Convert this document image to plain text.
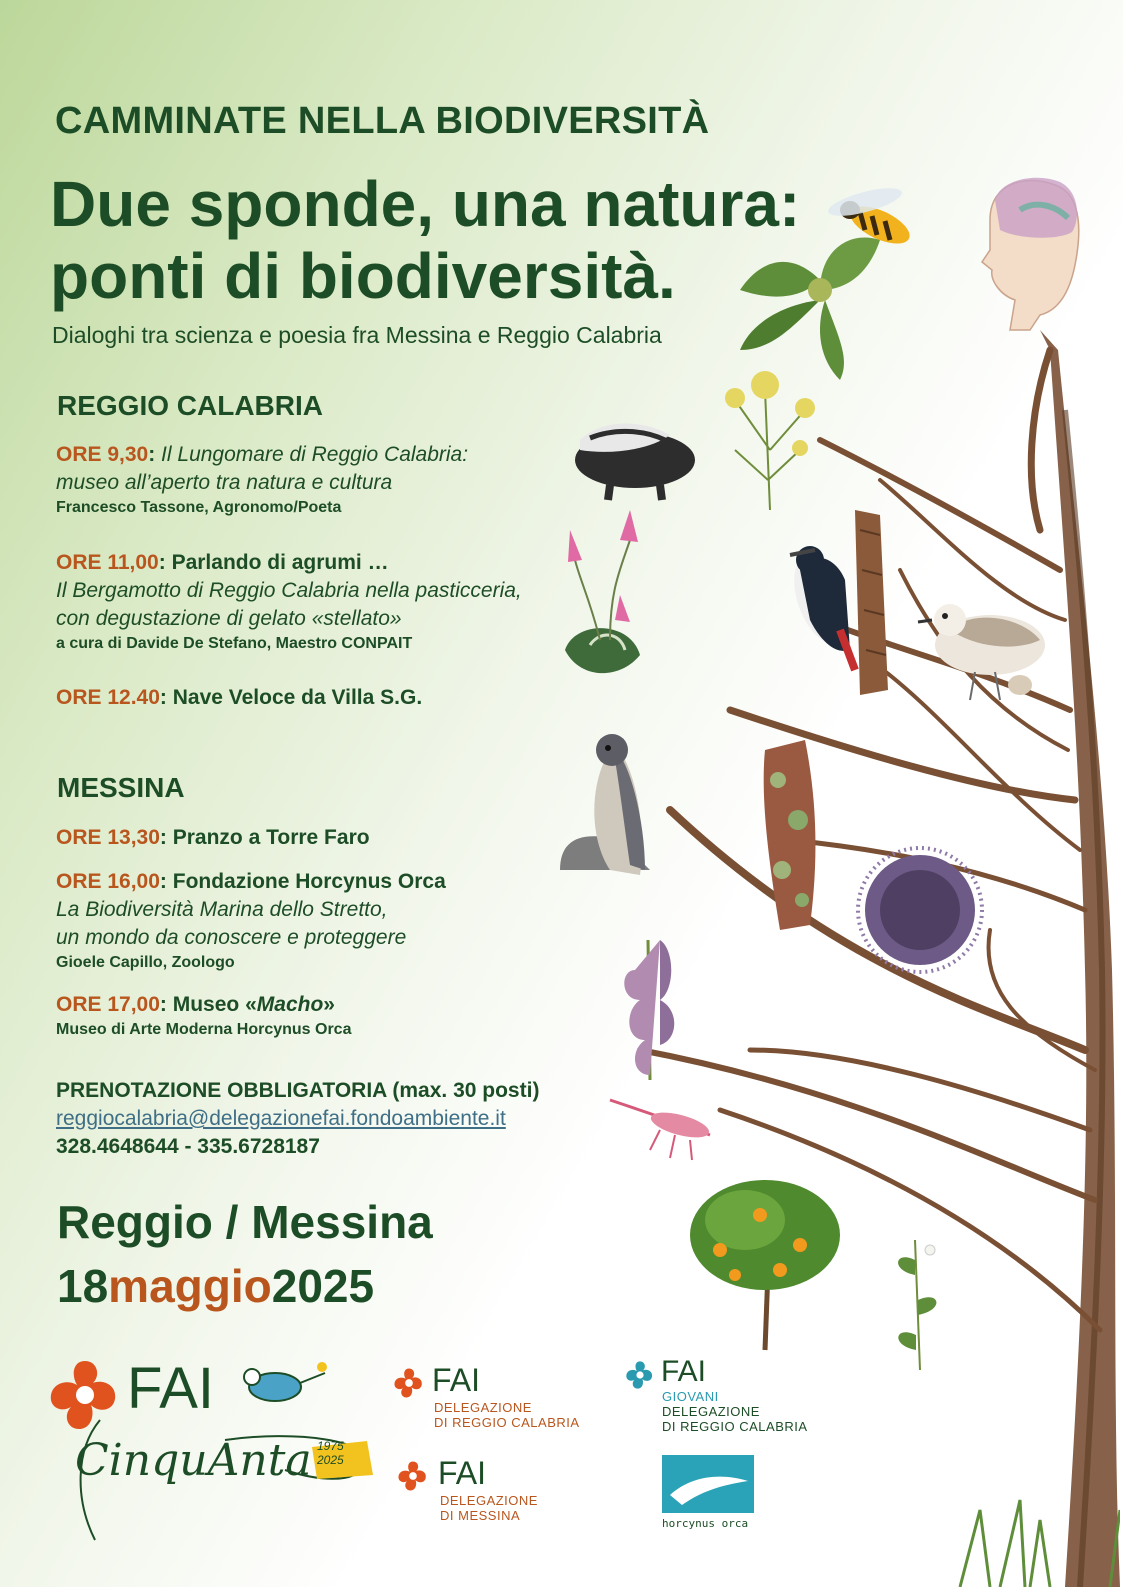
CAMMINATE NELLA BIODIVERSITÀ
Due sponde, una natura:
ponti di biodiversità.
Dialoghi tra scienza e poesia fra Messina e Reggio Calabria
REGGIO CALABRIA
ORE 9,30: Il Lungomare di Reggio Calabria:
museo all’aperto tra natura e cultura
Francesco Tassone, Agronomo/Poeta
ORE 11,00: Parlando di agrumi …
Il Bergamotto di Reggio Calabria nella pasticceria,
con degustazione di gelato «stellato»
a cura di Davide De Stefano, Maestro CONPAIT
ORE 12.40: Nave Veloce da Villa S.G.
MESSINA
ORE 13,30: Pranzo a Torre Faro
ORE 16,00: Fondazione Horcynus Orca
La Biodiversità Marina dello Stretto,
un mondo da conoscere e proteggere
Gioele Capillo, Zoologo
ORE 17,00: Museo «Macho»
Museo di Arte Moderna Horcynus Orca
PRENOTAZIONE OBBLIGATORIA (max. 30 posti)
reggiocalabria@delegazionefai.fondoambiente.it
328.4648644 - 335.6728187
Reggio / Messina
18maggio2025
FAI
CinquAnta 1975
2025
FAI
DELEGAZIONE
DI REGGIO CALABRIA
FAI
DELEGAZIONE
DI MESSINA
FAI
GIOVANI
DELEGAZIONE
DI REGGIO CALABRIA
horcynus orca
